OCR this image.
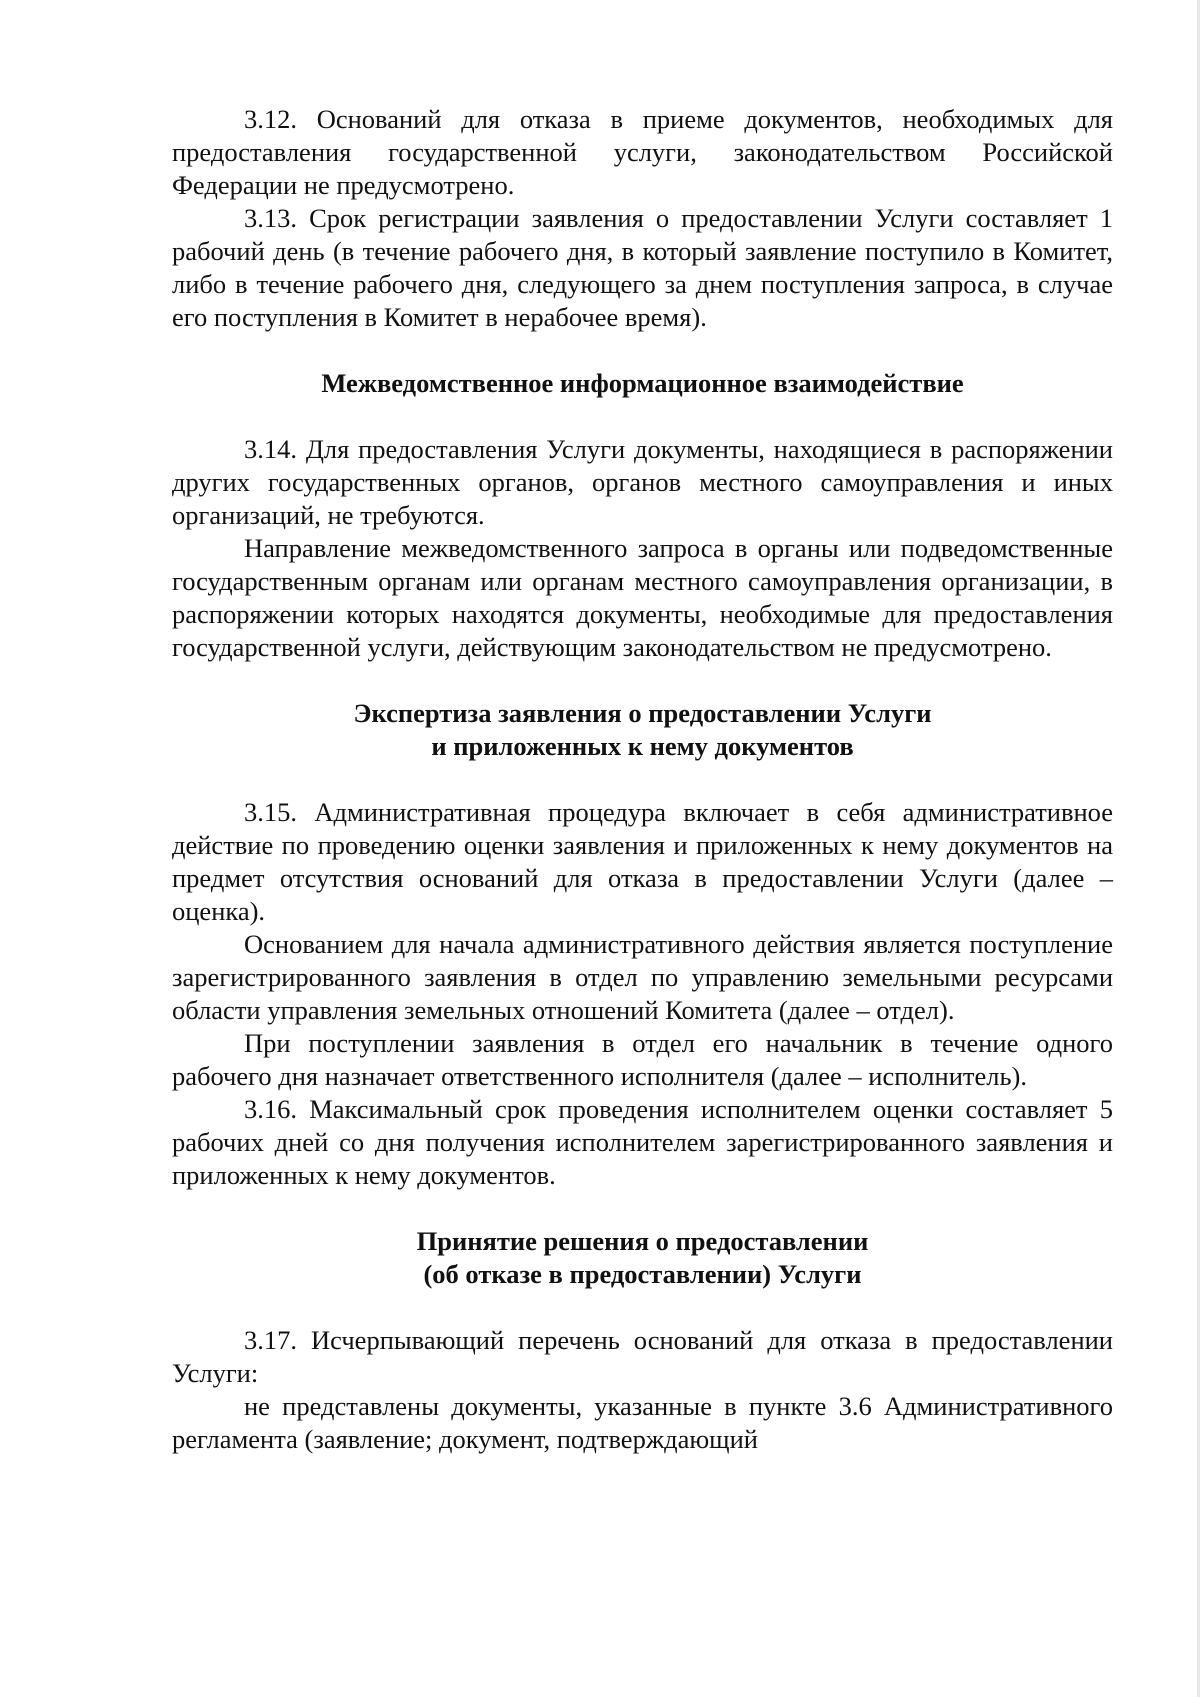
3.12. Оснований для отказа в приеме документов, необходимых для предоставления государственной услуги, законодательством Российской Федерации не предусмотрено.

3.13. Срок регистрации заявления о предоставлении Услуги составляет 1 рабочий день (в течение рабочего дня, в который заявление поступило в Комитет, либо в течение рабочего дня, следующего за днем поступления запроса, в случае его поступления в Комитет в нерабочее время).

Межведомственное информационное взаимодействие

3.14. Для предоставления Услуги документы, находящиеся в распоряжении других государственных органов, органов местного самоуправления и иных организаций, не требуются.

Направление межведомственного запроса в органы или подведомственные государственным органам или органам местного самоуправления организации, в распоряжении которых находятся документы, необходимые для предоставления государственной услуги, действующим законодательством не предусмотрено.

Экспертиза заявления о предоставлении Услуги

и приложенных к нему документов

3.15. Административная процедура включает в себя административное действие по проведению оценки заявления и приложенных к нему документов на предмет отсутствия оснований для отказа в предоставлении Услуги (далее – оценка).

Основанием для начала административного действия является поступление зарегистрированного заявления в отдел по управлению земельными ресурсами области управления земельных отношений Комитета (далее – отдел).

При поступлении заявления в отдел его начальник в течение одного рабочего дня назначает ответственного исполнителя (далее – исполнитель).

3.16. Максимальный срок проведения исполнителем оценки составляет 5 рабочих дней со дня получения исполнителем зарегистрированного заявления и приложенных к нему документов.

Принятие решения о предоставлении

(об отказе в предоставлении) Услуги

3.17. Исчерпывающий перечень оснований для отказа в предоставлении Услуги:

не представлены документы, указанные в пункте 3.6 Административного регламента (заявление; документ, подтверждающий
